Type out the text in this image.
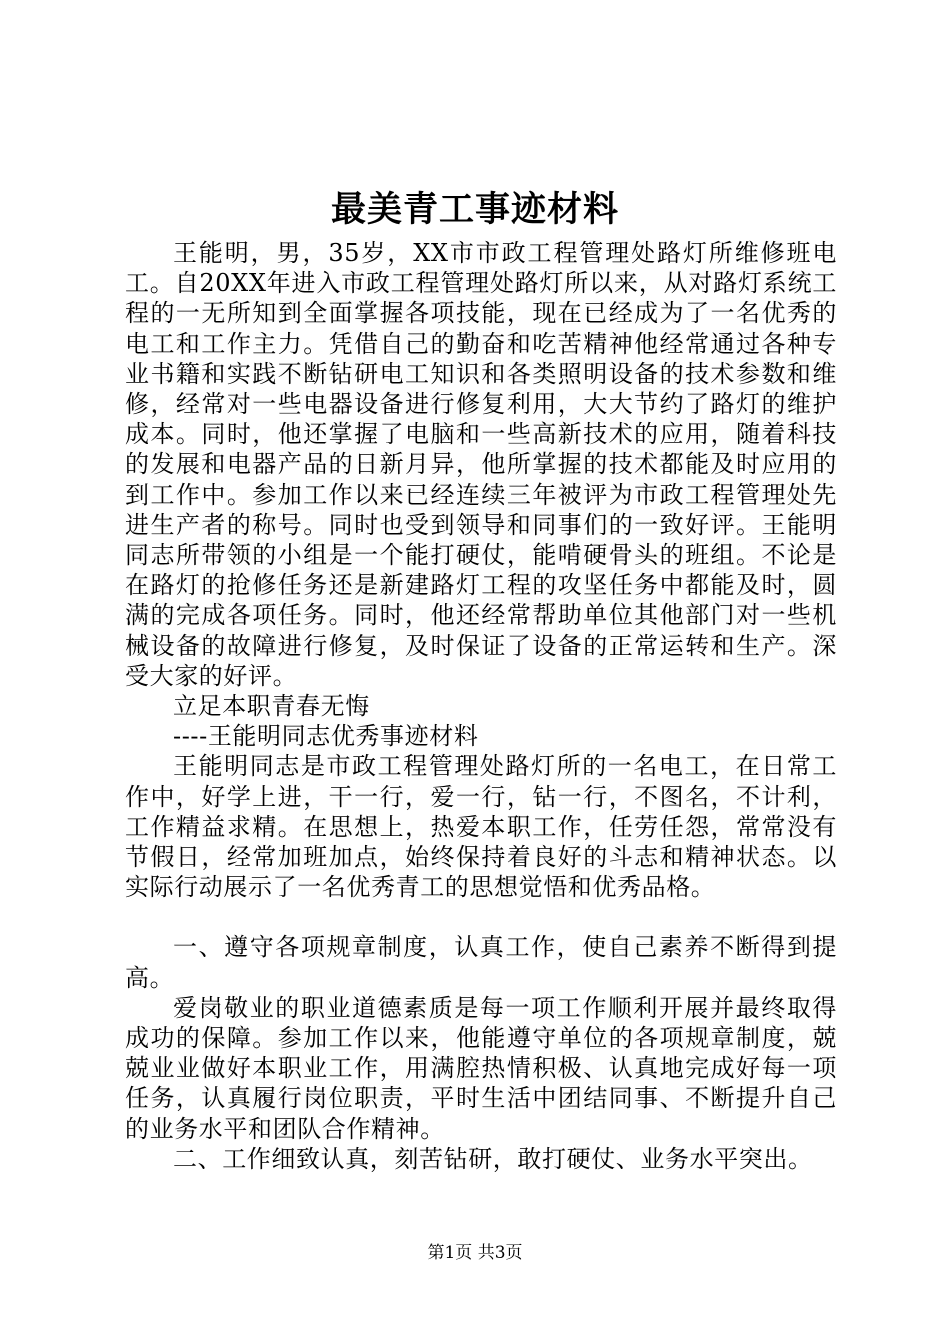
最美青工事迹材料

王能明，男，35岁，XX市市政工程管理处路灯所维修班电工。自20XX年进入市政工程管理处路灯所以来，从对路灯系统工程的一无所知到全面掌握各项技能，现在已经成为了一名优秀的电工和工作主力。凭借自己的勤奋和吃苦精神他经常通过各种专业书籍和实践不断钻研电工知识和各类照明设备的技术参数和维修，经常对一些电器设备进行修复利用，大大节约了路灯的维护成本。同时，他还掌握了电脑和一些高新技术的应用，随着科技的发展和电器产品的日新月异，他所掌握的技术都能及时应用的到工作中。参加工作以来已经连续三年被评为市政工程管理处先进生产者的称号。同时也受到领导和同事们的一致好评。王能明同志所带领的小组是一个能打硬仗，能啃硬骨头的班组。不论是在路灯的抢修任务还是新建路灯工程的攻坚任务中都能及时，圆满的完成各项任务。同时，他还经常帮助单位其他部门对一些机械设备的故障进行修复，及时保证了设备的正常运转和生产。深受大家的好评。

立足本职青春无悔

----王能明同志优秀事迹材料

王能明同志是市政工程管理处路灯所的一名电工，在日常工作中，好学上进，干一行，爱一行，钻一行，不图名，不计利，工作精益求精。在思想上，热爱本职工作，任劳任怨，常常没有节假日，经常加班加点，始终保持着良好的斗志和精神状态。以实际行动展示了一名优秀青工的思想觉悟和优秀品格。

一、遵守各项规章制度，认真工作，使自己素养不断得到提高。

爱岗敬业的职业道德素质是每一项工作顺利开展并最终取得成功的保障。参加工作以来，他能遵守单位的各项规章制度，兢兢业业做好本职业工作，用满腔热情积极、认真地完成好每一项任务，认真履行岗位职责，平时生活中团结同事、不断提升自己的业务水平和团队合作精神。

二、工作细致认真，刻苦钻研，敢打硬仗、业务水平突出。

第1页 共3页
